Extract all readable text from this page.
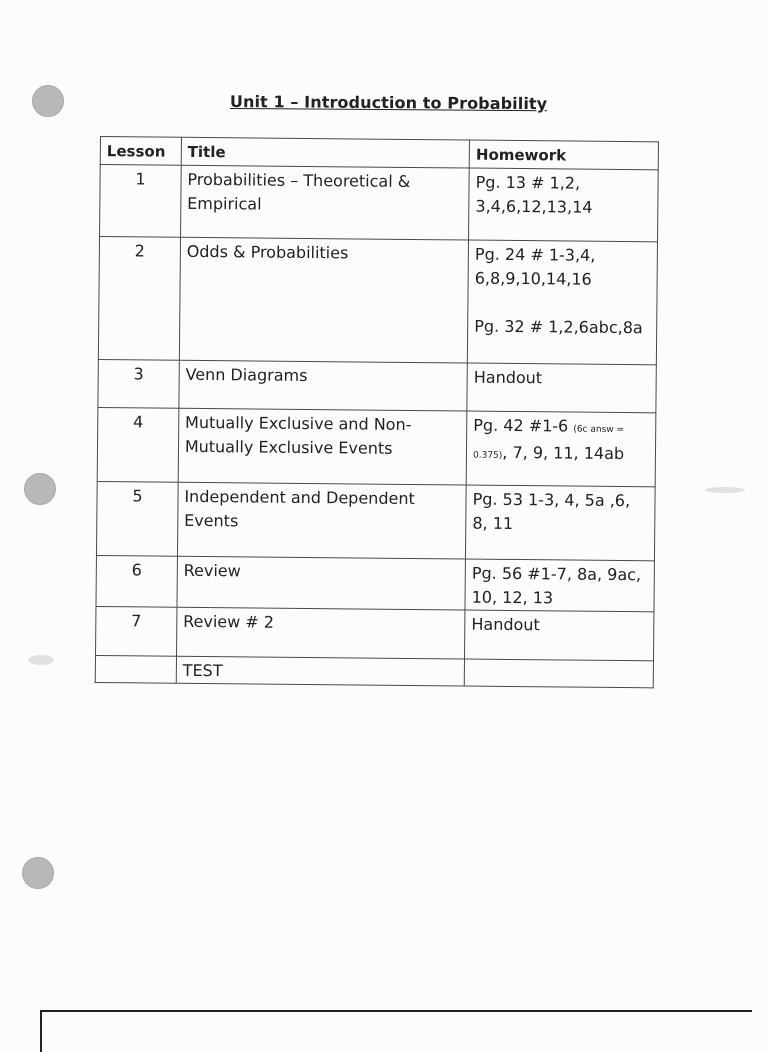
Unit 1 – Introduction to Probability
Lesson	Title	Homework
1	Probabilities – Theoretical & Empirical	Pg. 13 # 1,2,
3,4,6,12,13,14

2	Odds & Probabilities	Pg. 24 # 1-3,4,
6,8,9,10,14,16
Pg. 32 # 1,2,6abc,8a

3	Venn Diagrams	Handout

4	Mutually Exclusive and Non-Mutually Exclusive Events	Pg. 42 #1-6 (6c answ = 0.375), 7, 9, 11, 14ab
5	Independent and Dependent Events	Pg. 53 1-3, 4, 5a ,6,
8, 11

6	Review	Pg. 56 #1-7, 8a, 9ac,
10, 12, 13

7	Review # 2	Handout

	TEST	
